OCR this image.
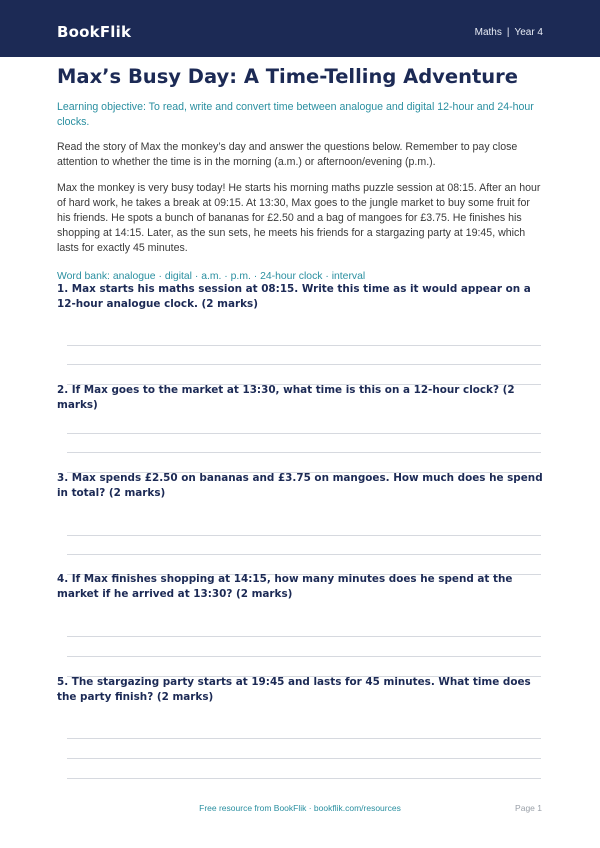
BookFlik	Maths | Year 4
Max’s Busy Day: A Time-Telling Adventure

Learning objective: To read, write and convert time between analogue and digital 12-hour and 24-hour clocks.

Read the story of Max the monkey’s day and answer the questions below. Remember to pay close attention to whether the time is in the morning (a.m.) or afternoon/evening (p.m.).

Max the monkey is very busy today! He starts his morning maths puzzle session at 08:15. After an hour of hard work, he takes a break at 09:15. At 13:30, Max goes to the jungle market to buy some fruit for his friends. He spots a bunch of bananas for £2.50 and a bag of mangoes for £3.75. He finishes his shopping at 14:15. Later, as the sun sets, he meets his friends for a stargazing party at 19:45, which lasts for exactly 45 minutes.

Word bank: analogue · digital · a.m. · p.m. · 24-hour clock · interval

1. Max starts his maths session at 08:15. Write this time as it would appear on a 12-hour analogue clock. (2 marks)
2. If Max goes to the market at 13:30, what time is this on a 12-hour clock? (2 marks)
3. Max spends £2.50 on bananas and £3.75 on mangoes. How much does he spend in total? (2 marks)
4. If Max finishes shopping at 14:15, how many minutes does he spend at the market if he arrived at 13:30? (2 marks)
5. The stargazing party starts at 19:45 and lasts for 45 minutes. What time does the party finish? (2 marks)
Free resource from BookFlik · bookflik.com/resources	Page 1
